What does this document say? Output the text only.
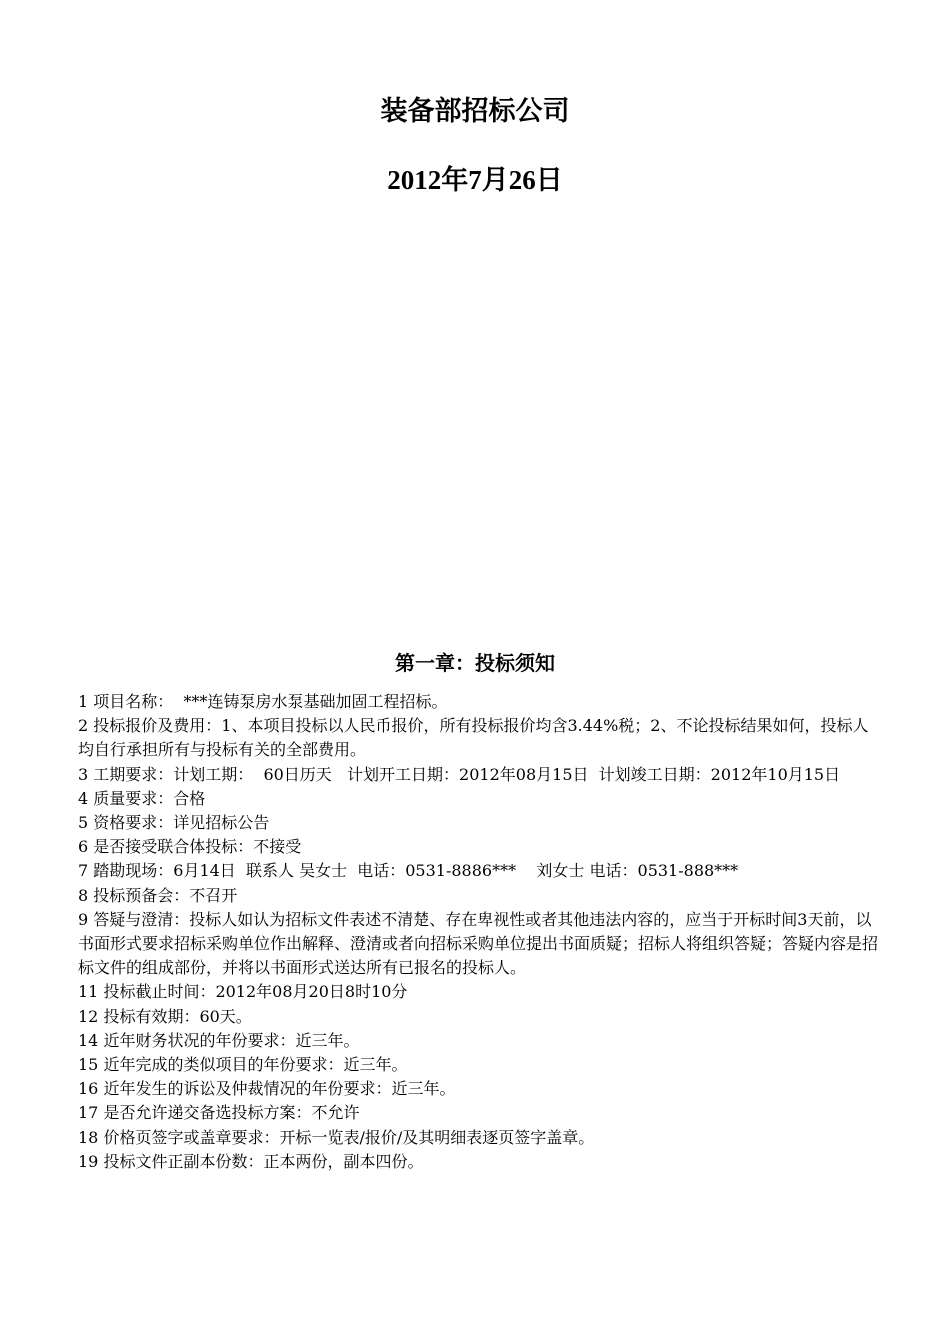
装备部招标公司
2012年7月26日
第一章：投标须知

1 项目名称：  ***连铸泵房水泵基础加固工程招标。

2 投标报价及费用：1、本项目投标以人民币报价，所有投标报价均含3.44%税；2、不论投标结果如何，投标人均自行承担所有与投标有关的全部费用。

3 工期要求：计划工期：  60日历天   计划开工日期：2012年08月15日  计划竣工日期：2012年10月15日

4 质量要求：合格

5 资格要求：详见招标公告

6 是否接受联合体投标：不接受

7 踏勘现场：6月14日  联系人 吴女士  电话：0531-8886***    刘女士 电话：0531-888***

8 投标预备会：不召开

9 答疑与澄清：投标人如认为招标文件表述不清楚、存在卑视性或者其他违法内容的，应当于开标时间3天前，以书面形式要求招标采购单位作出解释、澄清或者向招标采购单位提出书面质疑；招标人将组织答疑；答疑内容是招标文件的组成部份，并将以书面形式送达所有已报名的投标人。

11 投标截止时间：2012年08月20日8时10分

12 投标有效期：60天。

14 近年财务状况的年份要求：近三年。

15 近年完成的类似项目的年份要求：近三年。

16 近年发生的诉讼及仲裁情况的年份要求：近三年。

17 是否允许递交备选投标方案：不允许

18 价格页签字或盖章要求：开标一览表/报价/及其明细表逐页签字盖章。

19 投标文件正副本份数：正本两份，副本四份。
